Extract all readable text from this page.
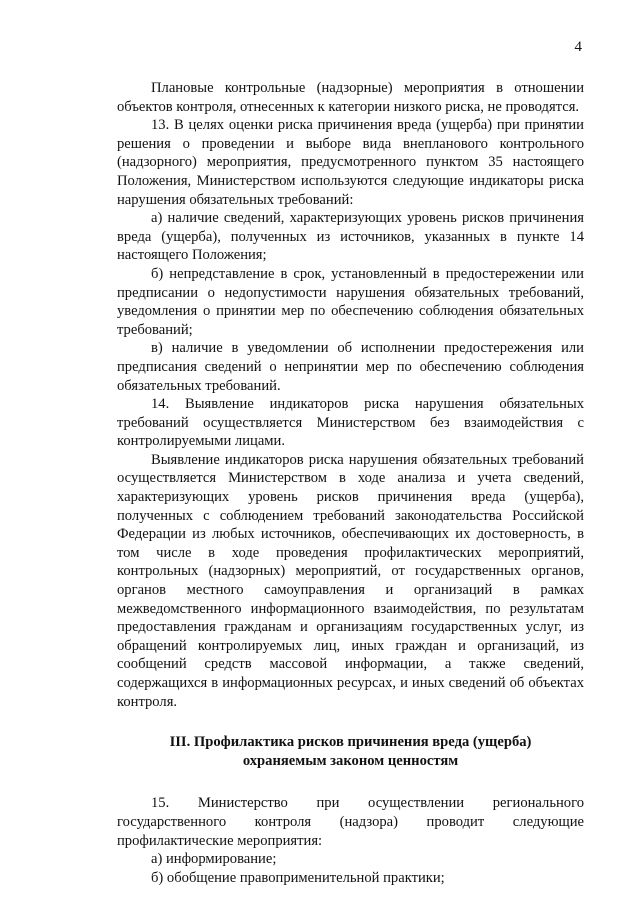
4

Плановые контрольные (надзорные) мероприятия в отношении объектов контроля, отнесенных к категории низкого риска, не проводятся.

13. В целях оценки риска причинения вреда (ущерба) при принятии решения о проведении и выборе вида внепланового контрольного (надзорного) мероприятия, предусмотренного пунктом 35 настоящего Положения, Министерством используются следующие индикаторы риска нарушения обязательных требований:

а) наличие сведений, характеризующих уровень рисков причинения вреда (ущерба), полученных из источников, указанных в пункте 14 настоящего Положения;

б) непредставление в срок, установленный в предостережении или предписании о недопустимости нарушения обязательных требований, уведомления о принятии мер по обеспечению соблюдения обязательных требований;

в) наличие в уведомлении об исполнении предостережения или предписания сведений о непринятии мер по обеспечению соблюдения обязательных требований.

14. Выявление индикаторов риска нарушения обязательных требований осуществляется Министерством без взаимодействия с контролируемыми лицами.

Выявление индикаторов риска нарушения обязательных требований осуществляется Министерством в ходе анализа и учета сведений, характеризующих уровень рисков причинения вреда (ущерба), полученных с соблюдением требований законодательства Российской Федерации из любых источников, обеспечивающих их достоверность, в том числе в ходе проведения профилактических мероприятий, контрольных (надзорных) мероприятий, от государственных органов, органов местного самоуправления и организаций в рамках межведомственного информационного взаимодействия, по результатам предоставления гражданам и организациям государственных услуг, из обращений контролируемых лиц, иных граждан и организаций, из сообщений средств массовой информации, а также сведений, содержащихся в информационных ресурсах, и иных сведений об объектах контроля.

III. Профилактика рисков причинения вреда (ущерба)
охраняемым законом ценностям

15. Министерство при осуществлении регионального государственного контроля (надзора) проводит следующие профилактические мероприятия:

а) информирование;

б) обобщение правоприменительной практики;
